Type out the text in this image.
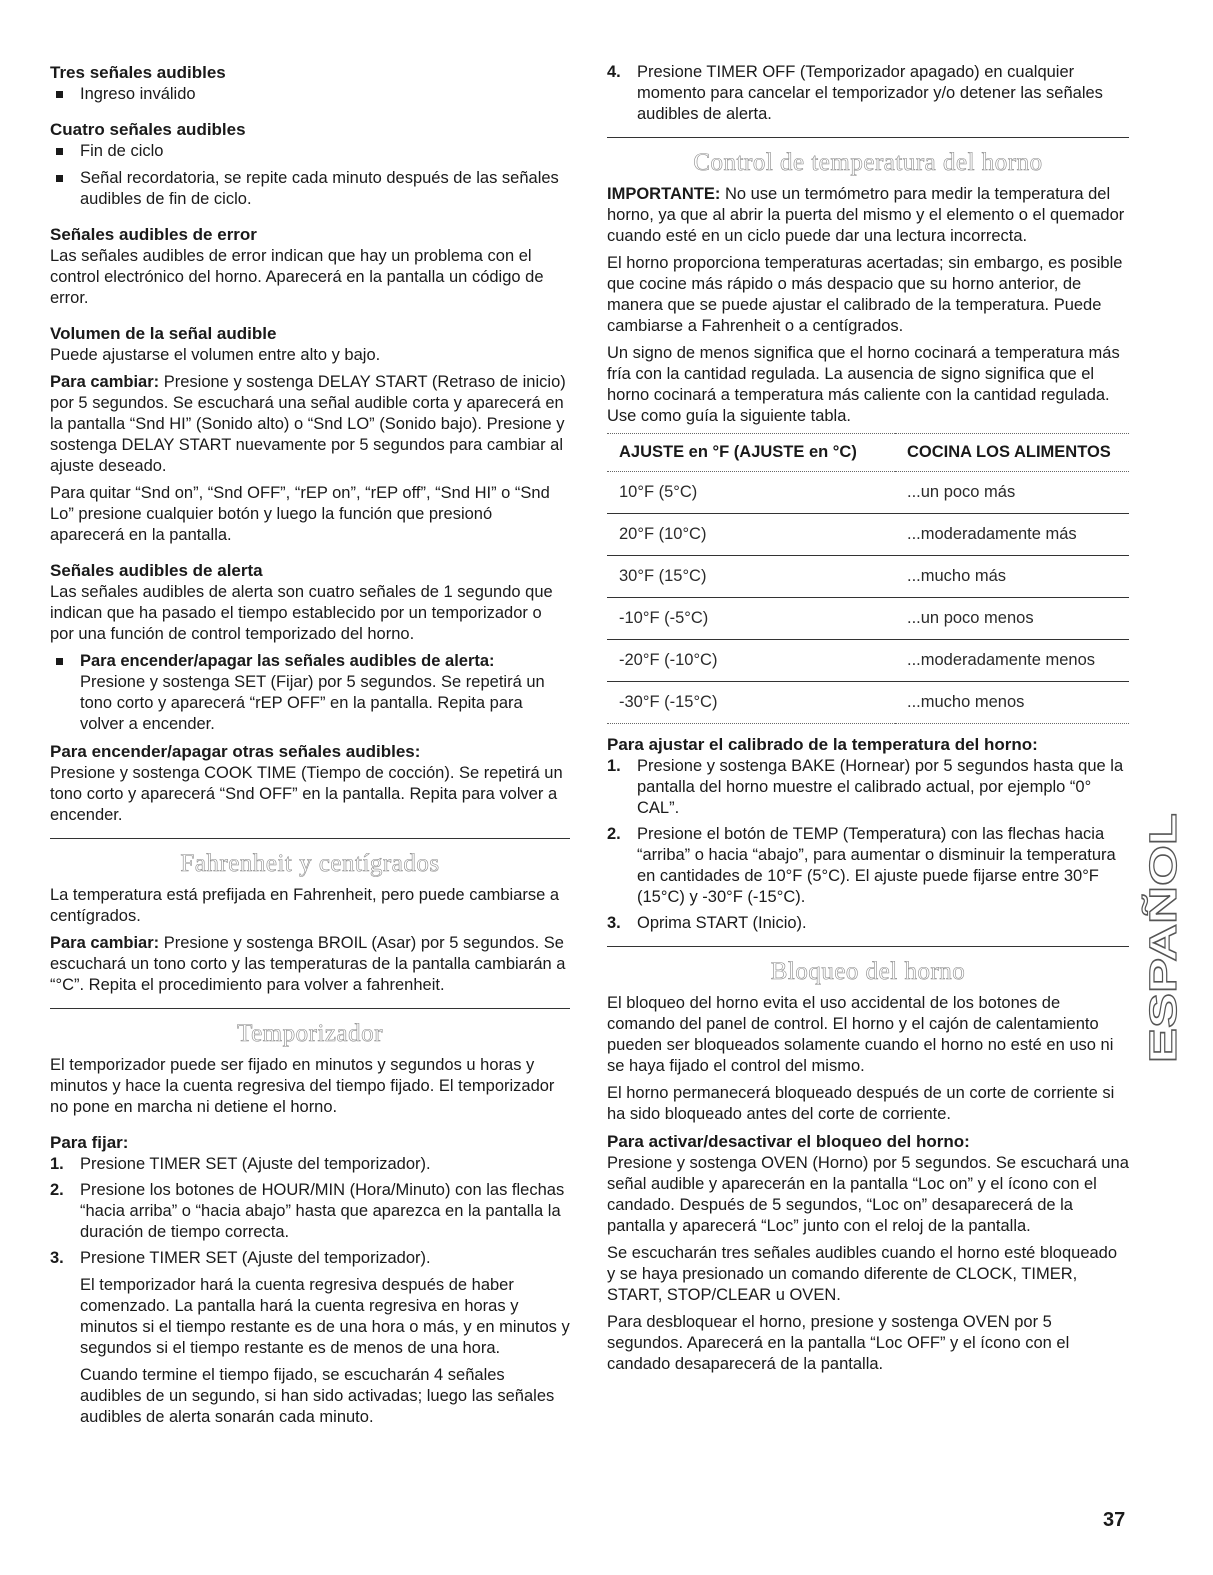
Tres señales audibles
Ingreso inválido
Cuatro señales audibles
Fin de ciclo
Señal recordatoria, se repite cada minuto después de las señales audibles de fin de ciclo.
Señales audibles de error

Las señales audibles de error indican que hay un problema con el control electrónico del horno. Aparecerá en la pantalla un código de error.

Volumen de la señal audible

Puede ajustarse el volumen entre alto y bajo.

Para cambiar: Presione y sostenga DELAY START (Retraso de inicio) por 5 segundos. Se escuchará una señal audible corta y aparecerá en la pantalla “Snd HI” (Sonido alto) o “Snd LO” (Sonido bajo). Presione y sostenga DELAY START nuevamente por 5 segundos para cambiar al ajuste deseado.

Para quitar “Snd on”, “Snd OFF”, “rEP on”, “rEP off”, “Snd HI” o “Snd Lo” presione cualquier botón y luego la función que presionó aparecerá en la pantalla.

Señales audibles de alerta

Las señales audibles de alerta son cuatro señales de 1 segundo que indican que ha pasado el tiempo establecido por un temporizador o por una función de control temporizado del horno.

Para encender/apagar las señales audibles de alerta:
Presione y sostenga SET (Fijar) por 5 segundos. Se repetirá un tono corto y aparecerá “rEP OFF” en la pantalla. Repita para volver a encender.
Para encender/apagar otras señales audibles:

Presione y sostenga COOK TIME (Tiempo de cocción). Se repetirá un tono corto y aparecerá “Snd OFF” en la pantalla. Repita para volver a encender.

Fahrenheit y centígrados

La temperatura está prefijada en Fahrenheit, pero puede cambiarse a centígrados.

Para cambiar: Presione y sostenga BROIL (Asar) por 5 segundos. Se escuchará un tono corto y las temperaturas de la pantalla cambiarán a “°C”. Repita el procedimiento para volver a fahrenheit.

Temporizador

El temporizador puede ser fijado en minutos y segundos u horas y minutos y hace la cuenta regresiva del tiempo fijado. El temporizador no pone en marcha ni detiene el horno.

Para fijar:
1. Presione TIMER SET (Ajuste del temporizador).
2. Presione los botones de HOUR/MIN (Hora/Minuto) con las flechas “hacia arriba” o “hacia abajo” hasta que aparezca en la pantalla la duración de tiempo correcta.
3. Presione TIMER SET (Ajuste del temporizador).

El temporizador hará la cuenta regresiva después de haber comenzado. La pantalla hará la cuenta regresiva en horas y minutos si el tiempo restante es de una hora o más, y en minutos y segundos si el tiempo restante es de menos de una hora.

Cuando termine el tiempo fijado, se escucharán 4 señales audibles de un segundo, si han sido activadas; luego las señales audibles de alerta sonarán cada minuto.

4. Presione TIMER OFF (Temporizador apagado) en cualquier momento para cancelar el temporizador y/o detener las señales audibles de alerta.
Control de temperatura del horno

IMPORTANTE: No use un termómetro para medir la temperatura del horno, ya que al abrir la puerta del mismo y el elemento o el quemador cuando esté en un ciclo puede dar una lectura incorrecta.

El horno proporciona temperaturas acertadas; sin embargo, es posible que cocine más rápido o más despacio que su horno anterior, de manera que se puede ajustar el calibrado de la temperatura. Puede cambiarse a Fahrenheit o a centígrados.

Un signo de menos significa que el horno cocinará a temperatura más fría con la cantidad regulada. La ausencia de signo significa que el horno cocinará a temperatura más caliente con la cantidad regulada. Use como guía la siguiente tabla.

AJUSTE en °F (AJUSTE en °C)	COCINA LOS ALIMENTOS
10°F (5°C)	...un poco más
20°F (10°C)	...moderadamente más
30°F (15°C)	...mucho más
-10°F (-5°C)	...un poco menos
-20°F (-10°C)	...moderadamente menos
-30°F (-15°C)	...mucho menos
Para ajustar el calibrado de la temperatura del horno:
1. Presione y sostenga BAKE (Hornear) por 5 segundos hasta que la pantalla del horno muestre el calibrado actual, por ejemplo “0° CAL”.
2. Presione el botón de TEMP (Temperatura) con las flechas hacia “arriba” o hacia “abajo”, para aumentar o disminuir la temperatura en cantidades de 10°F (5°C). El ajuste puede fijarse entre 30°F (15°C) y -30°F (-15°C).
3. Oprima START (Inicio).
Bloqueo del horno

El bloqueo del horno evita el uso accidental de los botones de comando del panel de control. El horno y el cajón de calentamiento pueden ser bloqueados solamente cuando el horno no esté en uso ni se haya fijado el control del mismo.

El horno permanecerá bloqueado después de un corte de corriente si ha sido bloqueado antes del corte de corriente.

Para activar/desactivar el bloqueo del horno:

Presione y sostenga OVEN (Horno) por 5 segundos. Se escuchará una señal audible y aparecerán en la pantalla “Loc on” y el ícono con el candado. Después de 5 segundos, “Loc on” desaparecerá de la pantalla y aparecerá “Loc” junto con el reloj de la pantalla.

Se escucharán tres señales audibles cuando el horno esté bloqueado y se haya presionado un comando diferente de CLOCK, TIMER, START, STOP/CLEAR u OVEN.

Para desbloquear el horno, presione y sostenga OVEN por 5 segundos. Aparecerá en la pantalla “Loc OFF” y el ícono con el candado desaparecerá de la pantalla.

ESPAÑOL
37
